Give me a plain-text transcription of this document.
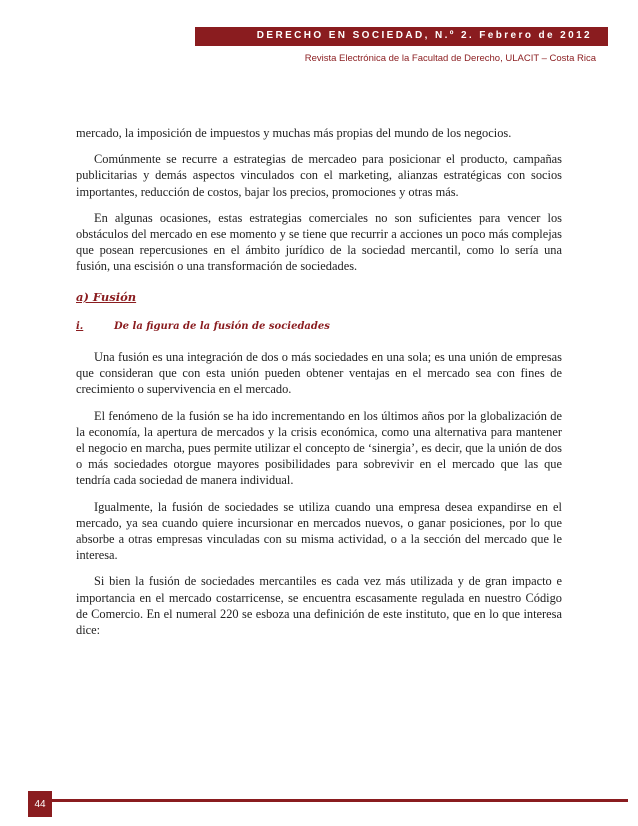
DERECHO EN SOCIEDAD, N.º 2. Febrero de 2012
Revista Electrónica de la Facultad de Derecho, ULACIT – Costa Rica

mercado, la imposición de impuestos y muchas más propias del mundo de los negocios.

Comúnmente se recurre a estrategias de mercadeo para posicionar el producto, campañas publicitarias y demás aspectos vinculados con el marketing, alianzas estratégicas con socios importantes, reducción de costos, bajar los precios, promociones y otras más.

En algunas ocasiones, estas estrategias comerciales no son suficientes para vencer los obstáculos del mercado en ese momento y se tiene que recurrir a acciones un poco más complejas que posean repercusiones en el ámbito jurídico de la sociedad mercantil, como lo sería una fusión, una escisión o una transformación de sociedades.

a) Fusión
i.	De la figura de la fusión de sociedades

Una fusión es una integración de dos o más sociedades en una sola; es una unión de empresas que consideran que con esta unión pueden obtener ventajas en el mercado sea con fines de crecimiento o supervivencia en el mercado.

El fenómeno de la fusión se ha ido incrementando en los últimos años por la globalización de la economía, la apertura de mercados y la crisis económica, como una alternativa para mantener el negocio en marcha, pues permite utilizar el concepto de ‘sinergia’, es decir, que la unión de dos o más sociedades otorgue mayores posibilidades para sobrevivir en el mercado que las que tendría cada sociedad de manera individual.

Igualmente, la fusión de sociedades se utiliza cuando una empresa desea expandirse en el mercado, ya sea cuando quiere incursionar en mercados nuevos, o ganar posiciones, por lo que absorbe a otras empresas vinculadas con su misma actividad, o a la sección del mercado que le interesa.

Si bien la fusión de sociedades mercantiles es cada vez más utilizada y de gran impacto e importancia en el mercado costarricense, se encuentra escasamente regulada en nuestro Código de Comercio. En el numeral 220 se esboza una definición de este instituto, que en lo que interesa dice:

44
